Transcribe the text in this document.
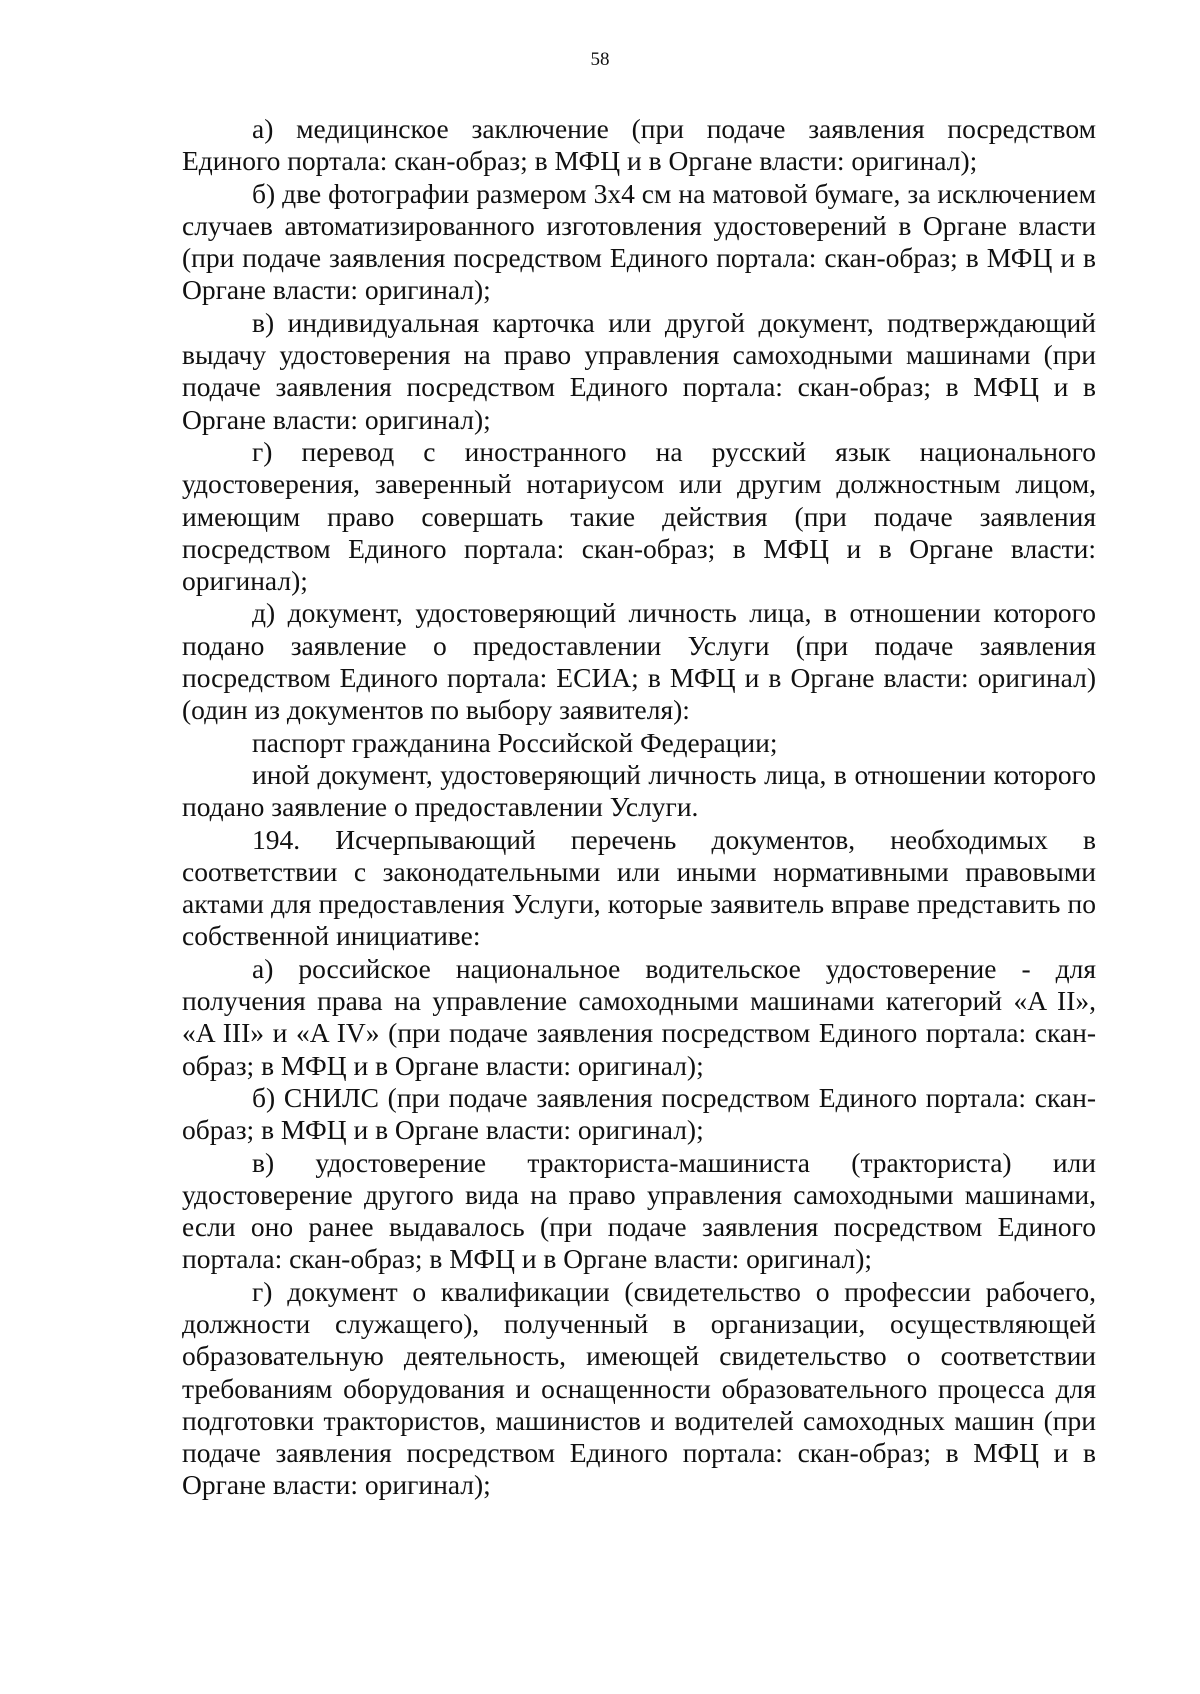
58

а) медицинское заключение (при подаче заявления посредством Единого портала: скан-образ; в МФЦ и в Органе власти: оригинал);

б) две фотографии размером 3х4 см на матовой бумаге, за исключением случаев автоматизированного изготовления удостоверений в Органе власти (при подаче заявления посредством Единого портала: скан-образ; в МФЦ и в Органе власти: оригинал);

в) индивидуальная карточка или другой документ, подтверждающий выдачу удостоверения на право управления самоходными машинами (при подаче заявления посредством Единого портала: скан-образ; в МФЦ и в Органе власти: оригинал);

г) перевод с иностранного на русский язык национального удостоверения, заверенный нотариусом или другим должностным лицом, имеющим право совершать такие действия (при подаче заявления посредством Единого портала: скан-образ; в МФЦ и в Органе власти: оригинал);

д) документ, удостоверяющий личность лица, в отношении которого подано заявление о предоставлении Услуги (при подаче заявления посредством Единого портала: ЕСИА; в МФЦ и в Органе власти: оригинал) (один из документов по выбору заявителя):

паспорт гражданина Российской Федерации;

иной документ, удостоверяющий личность лица, в отношении которого подано заявление о предоставлении Услуги.

194. Исчерпывающий перечень документов, необходимых в соответствии с законодательными или иными нормативными правовыми актами для предоставления Услуги, которые заявитель вправе представить по собственной инициативе:

а) российское национальное водительское удостоверение - для получения права на управление самоходными машинами категорий «A II», «A III» и «A IV» (при подаче заявления посредством Единого портала: скан-образ; в МФЦ и в Органе власти: оригинал);

б) СНИЛС (при подаче заявления посредством Единого портала: скан-образ; в МФЦ и в Органе власти: оригинал);

в) удостоверение тракториста-машиниста (тракториста) или удостоверение другого вида на право управления самоходными машинами, если оно ранее выдавалось (при подаче заявления посредством Единого портала: скан-образ; в МФЦ и в Органе власти: оригинал);

г) документ о квалификации (свидетельство о профессии рабочего, должности служащего), полученный в организации, осуществляющей образовательную деятельность, имеющей свидетельство о соответствии требованиям оборудования и оснащенности образовательного процесса для подготовки трактористов, машинистов и водителей самоходных машин (при подаче заявления посредством Единого портала: скан-образ; в МФЦ и в Органе власти: оригинал);
